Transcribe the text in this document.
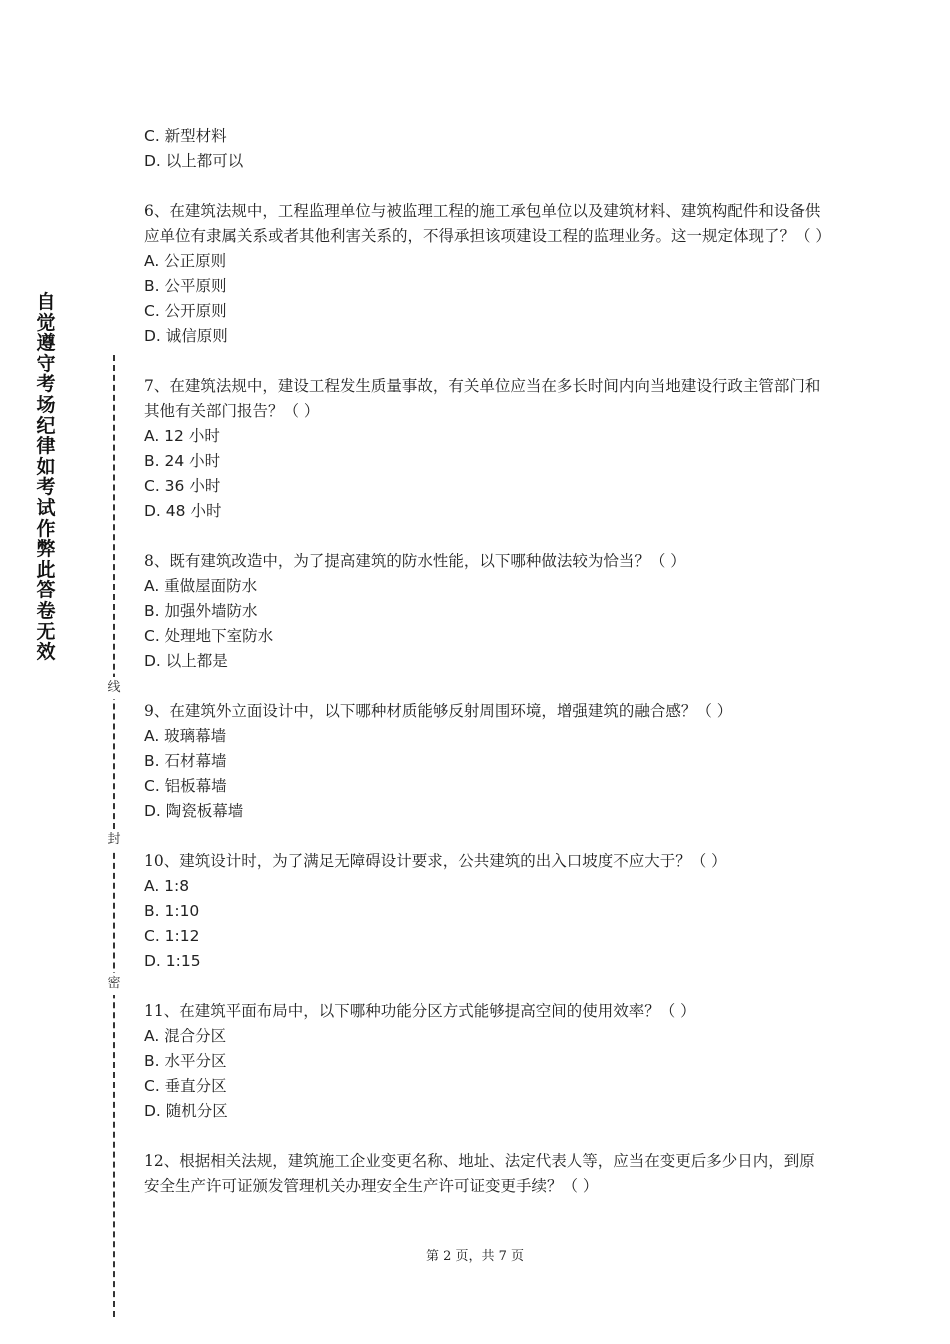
自
觉
遵
守
考
场
纪
律
如
考
试
作
弊
此
答
卷
无
效
线
封
密
C. 新型材料
D. 以上都可以
6、在建筑法规中，工程监理单位与被监理工程的施工承包单位以及建筑材料、建筑构配件和设备供应单位有隶属关系或者其他利害关系的，不得承担该项建设工程的监理业务。这一规定体现了？（ ）
A. 公正原则
B. 公平原则
C. 公开原则
D. 诚信原则
7、在建筑法规中，建设工程发生质量事故，有关单位应当在多长时间内向当地建设行政主管部门和其他有关部门报告？（ ）
A. 12 小时
B. 24 小时
C. 36 小时
D. 48 小时
8、既有建筑改造中，为了提高建筑的防水性能，以下哪种做法较为恰当？（ ）
A. 重做屋面防水
B. 加强外墙防水
C. 处理地下室防水
D. 以上都是
9、在建筑外立面设计中，以下哪种材质能够反射周围环境，增强建筑的融合感？（ ）
A. 玻璃幕墙
B. 石材幕墙
C. 铝板幕墙
D. 陶瓷板幕墙
10、建筑设计时，为了满足无障碍设计要求，公共建筑的出入口坡度不应大于？（ ）
A. 1:8
B. 1:10
C. 1:12
D. 1:15
11、在建筑平面布局中，以下哪种功能分区方式能够提高空间的使用效率？（ ）
A. 混合分区
B. 水平分区
C. 垂直分区
D. 随机分区
12、根据相关法规，建筑施工企业变更名称、地址、法定代表人等，应当在变更后多少日内，到原安全生产许可证颁发管理机关办理安全生产许可证变更手续？（ ）
第 2 页，共 7 页
